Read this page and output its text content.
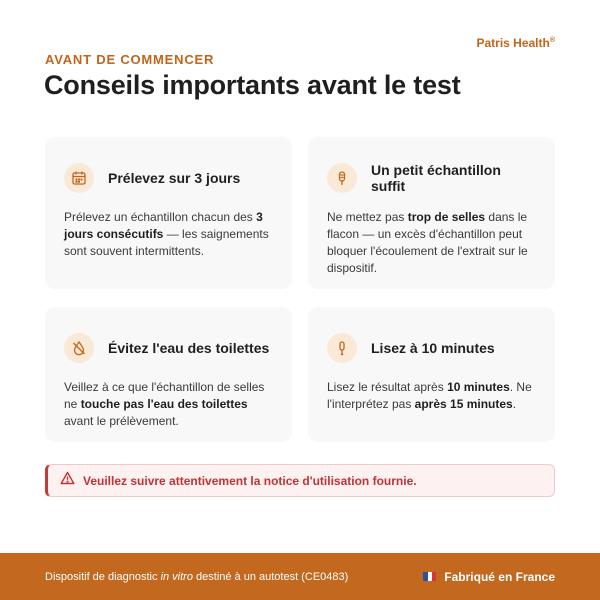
Patris Health®
AVANT DE COMMENCER
Conseils importants avant le test
Prélevez sur 3 jours
Prélevez un échantillon chacun des 3 jours consécutifs — les saignements sont souvent intermittents.
Un petit échantillon suffit
Ne mettez pas trop de selles dans le flacon — un excès d'échantillon peut bloquer l'écoulement de l'extrait sur le dispositif.
Évitez l'eau des toilettes
Veillez à ce que l'échantillon de selles ne touche pas l'eau des toilettes avant le prélèvement.
Lisez à 10 minutes
Lisez le résultat après 10 minutes. Ne l'interprétez pas après 15 minutes.
Veuillez suivre attentivement la notice d'utilisation fournie.
Dispositif de diagnostic in vitro destiné à un autotest (CE0483)	Fabriqué en France
